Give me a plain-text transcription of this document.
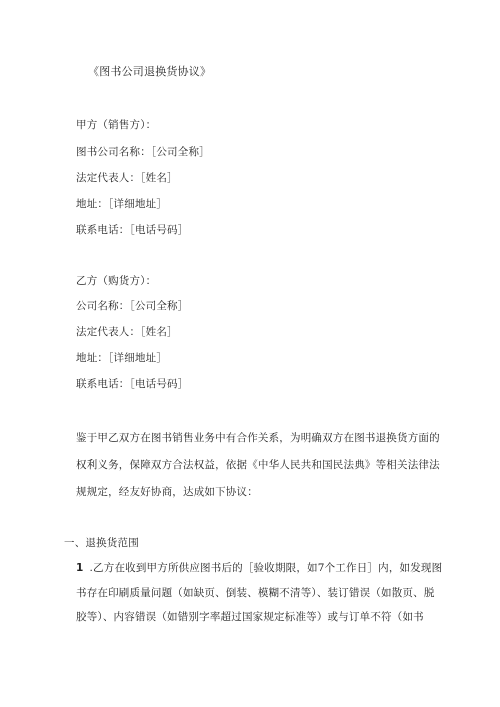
《图书公司退换货协议》
甲方（销售方）：
图书公司名称：［公司全称］
法定代表人：［姓名］
地址：［详细地址］
联系电话：［电话号码］
乙方（购货方）：
公司名称：［公司全称］
法定代表人：［姓名］
地址：［详细地址］
联系电话：［电话号码］
鉴于甲乙双方在图书销售业务中有合作关系，为明确双方在图书退换货方面的
权利义务，保障双方合法权益，依据《中华人民共和国民法典》等相关法律法
规规定，经友好协商，达成如下协议：
一、退换货范围
1 .乙方在收到甲方所供应图书后的［验收期限，如7个工作日］内，如发现图
书存在印刷质量问题（如缺页、倒装、模糊不清等）、装订错误（如散页、脱
胶等）、内容错误（如错别字率超过国家规定标准等）或与订单不符（如书
